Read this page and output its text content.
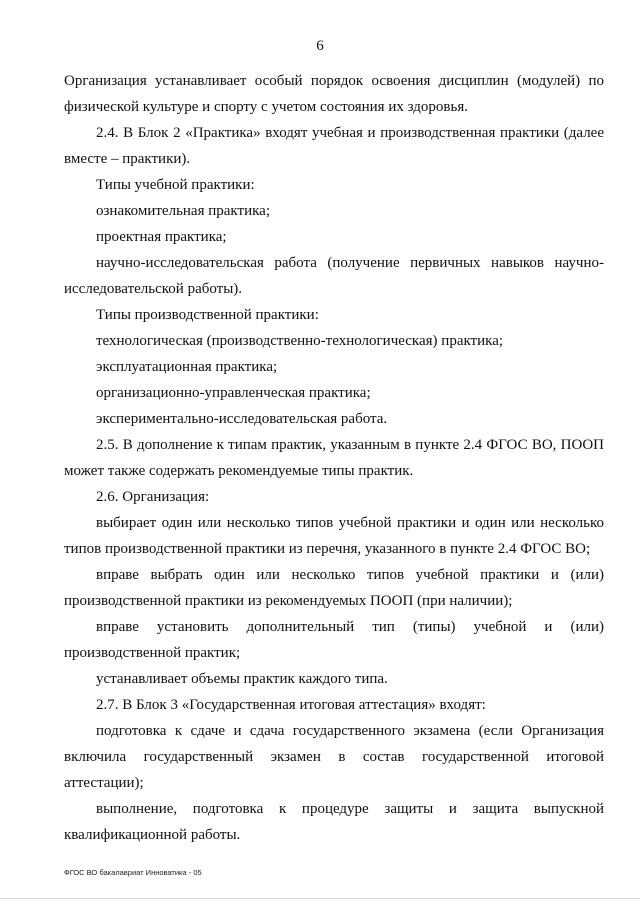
6

Организация устанавливает особый порядок освоения дисциплин (модулей) по физической культуре и спорту с учетом состояния их здоровья.

2.4. В Блок 2 «Практика» входят учебная и производственная практики (далее вместе – практики).

Типы учебной практики:

ознакомительная практика;

проектная практика;

научно-исследовательская работа (получение первичных навыков научно-исследовательской работы).

Типы производственной практики:

технологическая (производственно-технологическая) практика;

эксплуатационная практика;

организационно-управленческая практика;

экспериментально-исследовательская работа.

2.5. В дополнение к типам практик, указанным в пункте 2.4 ФГОС ВО, ПООП может также содержать рекомендуемые типы практик.

2.6. Организация:

выбирает один или несколько типов учебной практики и один или несколько типов производственной практики из перечня, указанного в пункте 2.4 ФГОС ВО;

вправе выбрать один или несколько типов учебной практики и (или) производственной практики из рекомендуемых ПООП (при наличии);

вправе установить дополнительный тип (типы) учебной и (или) производственной практик;

устанавливает объемы практик каждого типа.

2.7. В Блок 3 «Государственная итоговая аттестация» входят:

подготовка к сдаче и сдача государственного экзамена (если Организация включила государственный экзамен в состав государственной итоговой аттестации);

выполнение, подготовка к процедуре защиты и защита выпускной квалификационной работы.

ФГОС ВО бакалавриат Инноватика - 05
